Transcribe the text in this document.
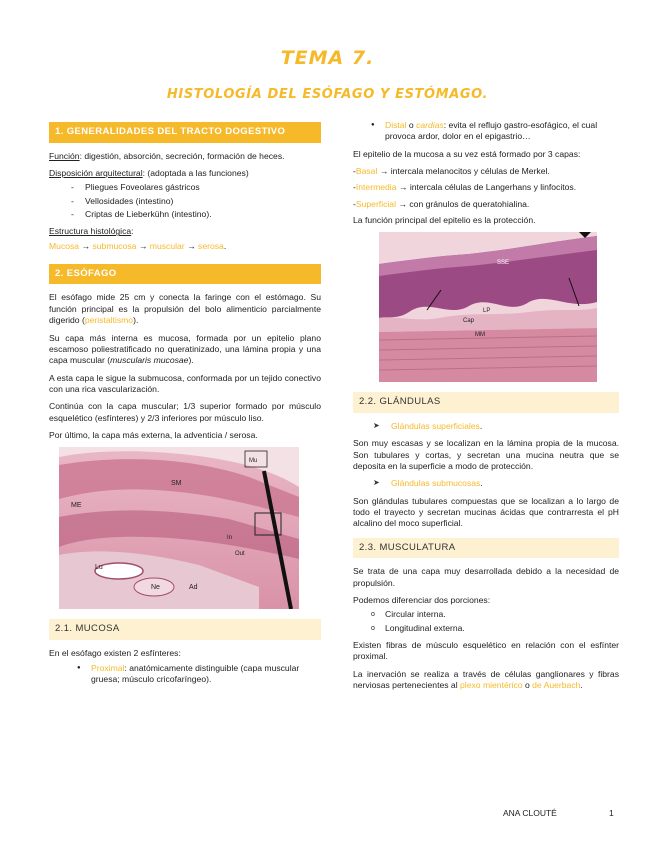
TEMA 7.
HISTOLOGÍA DEL ESÓFAGO Y ESTÓMAGO.
1. GENERALIDADES DEL TRACTO DOGESTIVO

Función: digestión, absorción, secreción, formación de heces.

Disposición arquitectural: (adoptada a las funciones)

- Pliegues Foveolares gástricos
- Vellosidades (intestino)
- Criptas de Lieberkühn (intestino).

Estructura histológica:

Mucosa → submucosa → muscular → serosa.

2. ESÓFAGO

El esófago mide 25 cm y conecta la faringe con el estómago. Su función principal es la propulsión del bolo alimenticio parcialmente digerido (peristaltismo).

Su capa más interna es mucosa, formada por un epitelio plano escamoso poliestratificado no queratinizado, una lámina propia y una capa muscular (muscularis mucosae).

A esta capa le sigue la submucosa, conformada por un tejido conectivo con una rica vascularización.

Continúa con la capa muscular; 1/3 superior formado por músculo esquelético (esfínteres) y 2/3 inferiores por músculo liso.

Por último, la capa más externa, la adventicia / serosa.

Mu
SM
ME
Lu
Ne	Ad
In
Out
2.1. MUCOSA

En el esófago existen 2 esfínteres:

● Proximal: anatómicamente distinguible (capa muscular gruesa; músculo cricofaríngeo).
● Distal o cardias: evita el reflujo gastro-esofágico, el cual provoca ardor, dolor en el epigastrio…

El epitelio de la mucosa a su vez está formado por 3 capas:

-Basal → intercala melanocitos y células de Merkel.

-Intermedia → intercala células de Langerhans y linfocitos.

-Superficial → con gránulos de queratohialina.

La función principal del epitelio es la protección.

SSE
LP
Cap
MM
2.2. GLÁNDULAS
➤ Glándulas superficiales.

Son muy escasas y se localizan en la lámina propia de la mucosa. Son tubulares y cortas, y secretan una mucina neutra que se deposita en la superficie a modo de protección.

➤ Glándulas submucosas.

Son glándulas tubulares compuestas que se localizan a lo largo de todo el trayecto y secretan mucinas ácidas que contrarresta el pH alcalino del moco superficial.

2.3. MUSCULATURA

Se trata de una capa muy desarrollada debido a la necesidad de propulsión.

Podemos diferenciar dos porciones:

o Circular interna.
o Longitudinal externa.

Existen fibras de músculo esquelético en relación con el esfínter proximal.

La inervación se realiza a través de células ganglionares y fibras nerviosas pertenecientes al plexo mientérico o de Auerbach.

ANA CLOUTÉ	1
